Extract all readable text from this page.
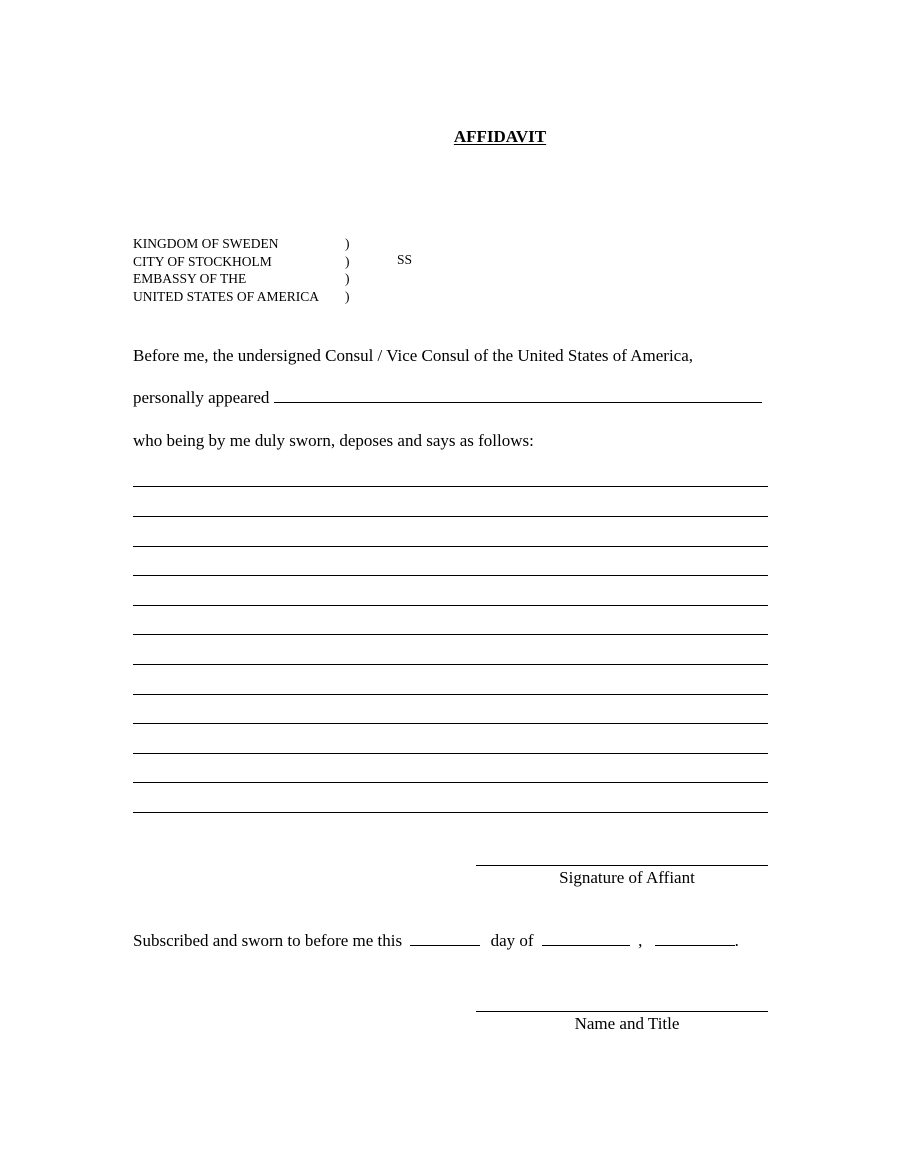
AFFIDAVIT
KINGDOM OF SWEDEN	)
CITY OF STOCKHOLM	)
EMBASSY OF THE	)
UNITED STATES OF AMERICA )
SS
Before me, the undersigned Consul / Vice Consul of the United States of America,
personally appeared
who being by me duly sworn, deposes and says as follows:
Signature of Affiant
Subscribed and sworn to before me this	day of	,	.
Name and Title
